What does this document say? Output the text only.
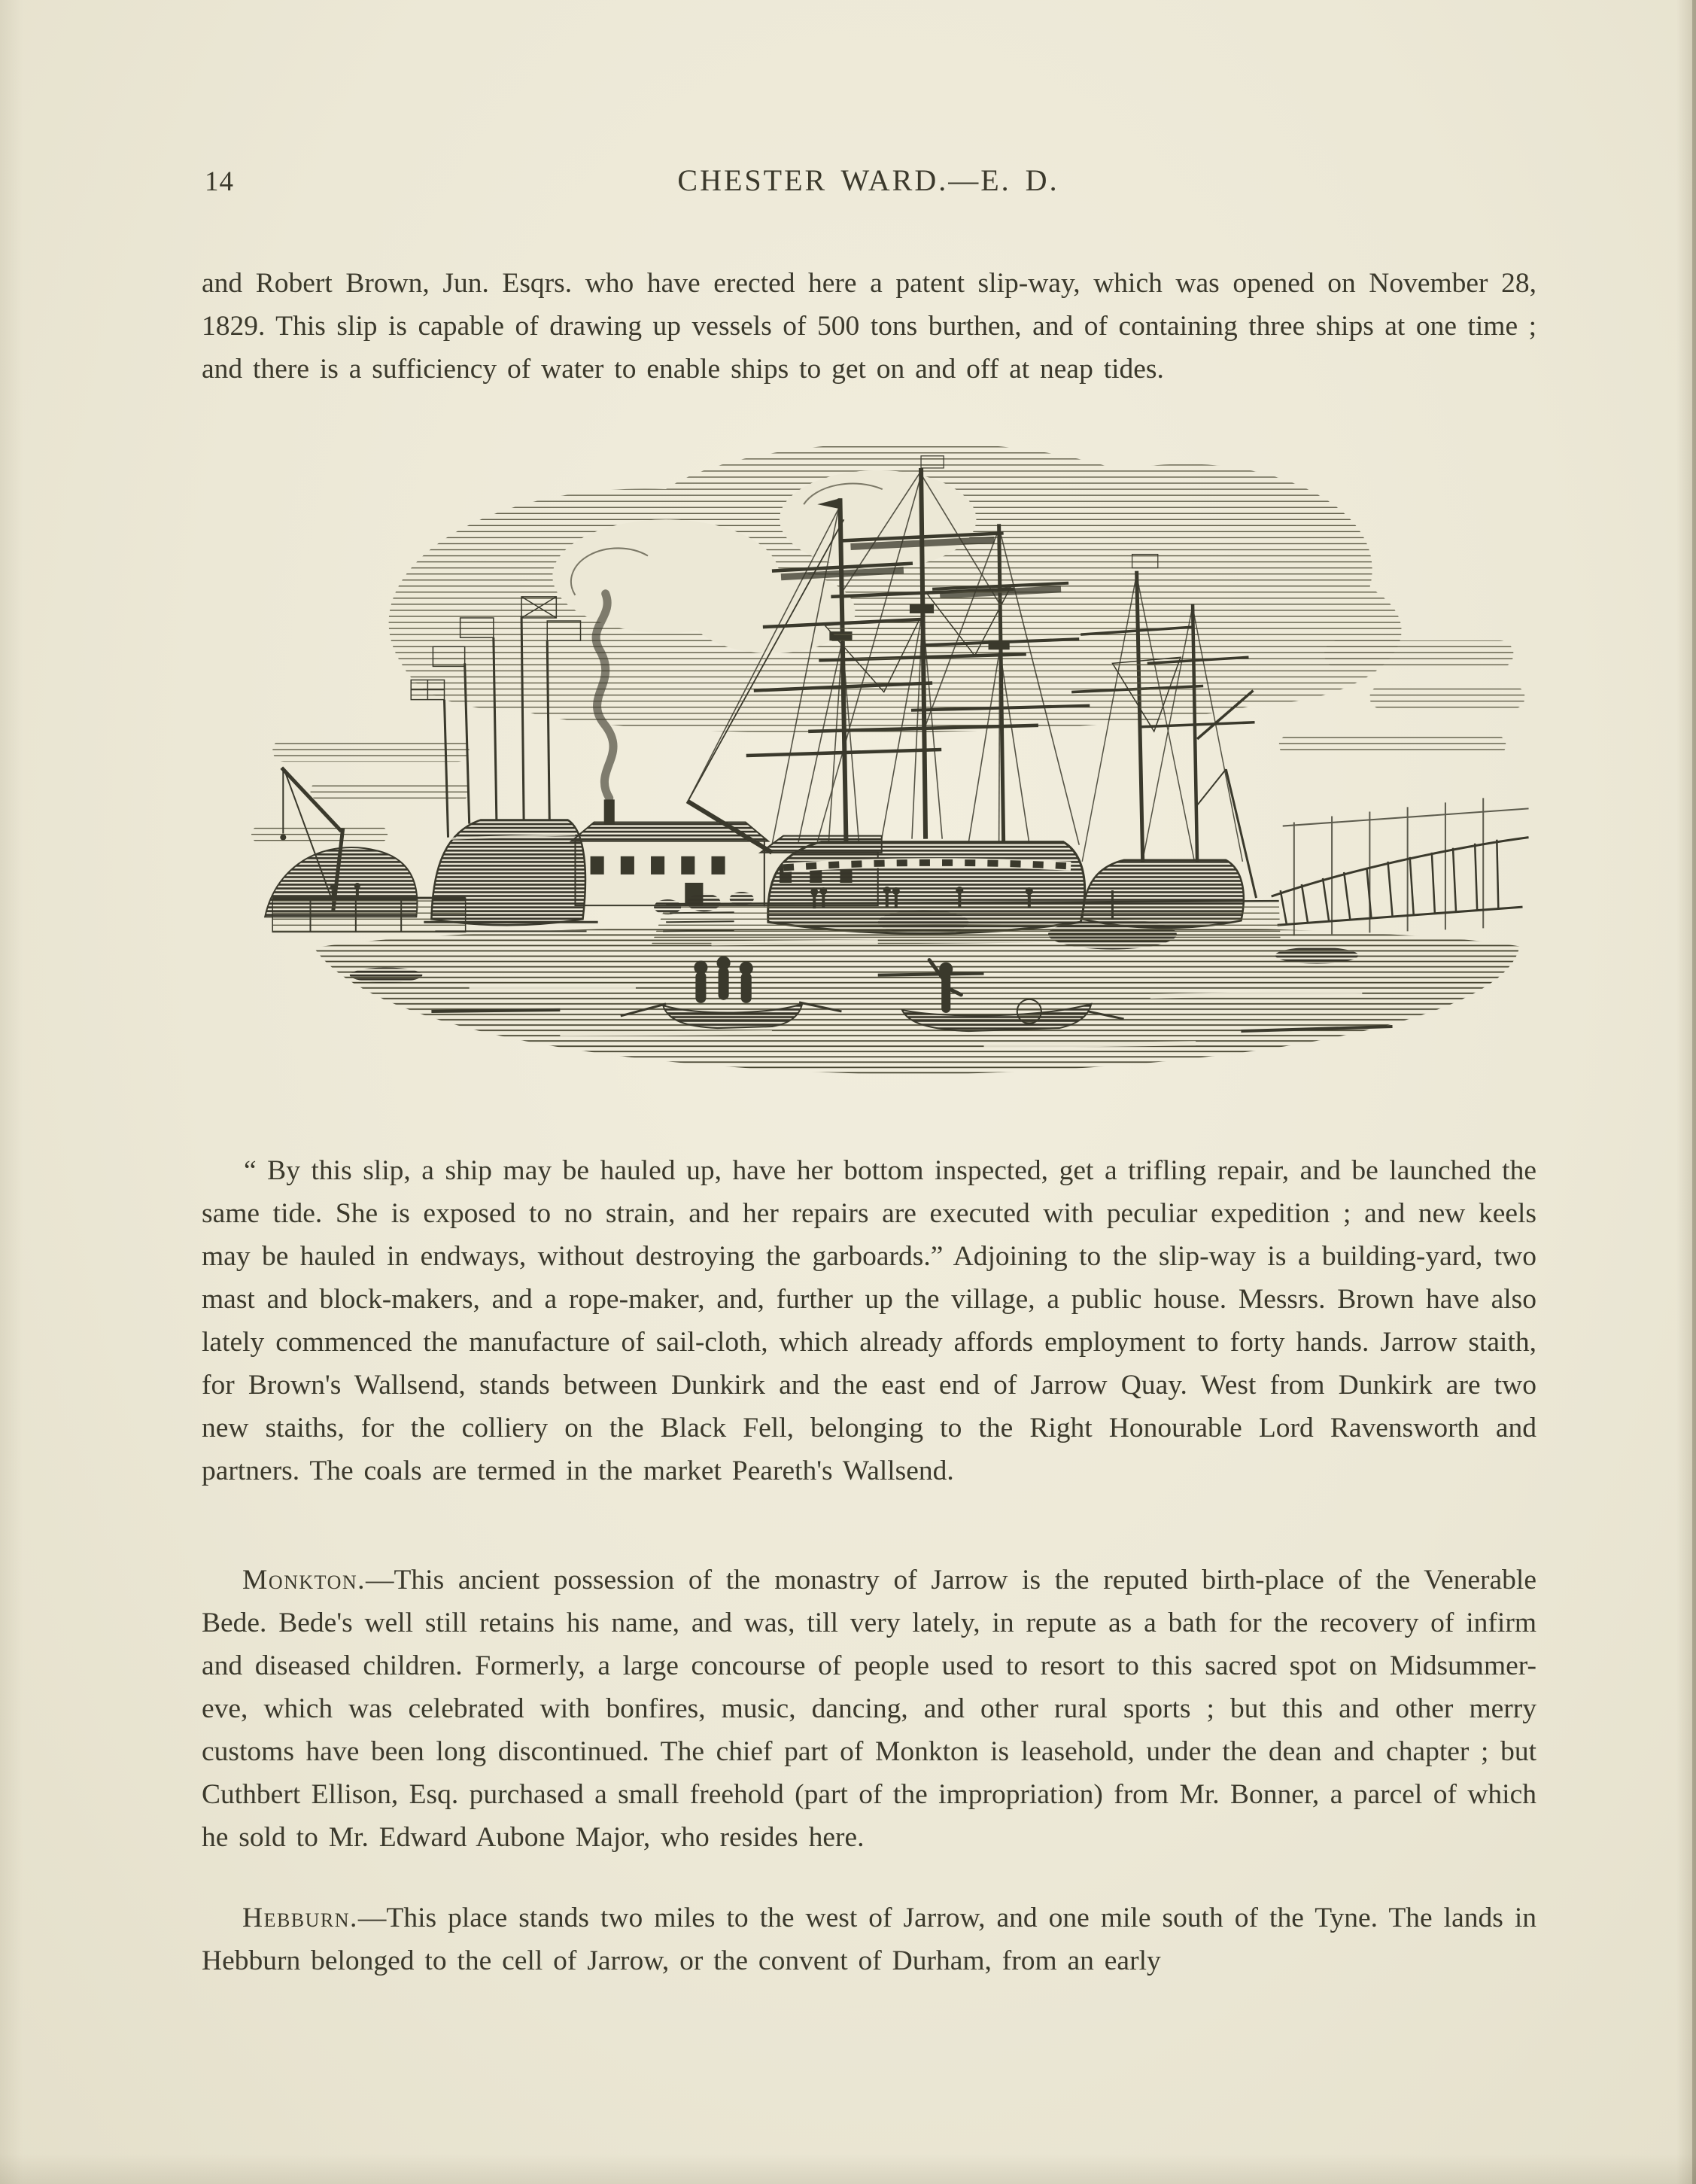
14	CHESTER WARD.—E. D.

and Robert Brown, Jun. Esqrs. who have erected here a patent slip-way, which was opened on November 28, 1829. This slip is capable of drawing up vessels of 500 tons burthen, and of containing three ships at one time ; and there is a sufficiency of water to enable ships to get on and off at neap tides.

“ By this slip, a ship may be hauled up, have her bottom inspected, get a trifling repair, and be launched the same tide. She is exposed to no strain, and her repairs are executed with peculiar expedition ; and new keels may be hauled in endways, without destroying the garboards.” Adjoining to the slip-way is a building-yard, two mast and block-makers, and a rope-maker, and, further up the village, a public house. Messrs. Brown have also lately commenced the manufacture of sail-cloth, which already affords employment to forty hands. Jarrow staith, for Brown's Wallsend, stands between Dunkirk and the east end of Jarrow Quay. West from Dunkirk are two new staiths, for the colliery on the Black Fell, belonging to the Right Honourable Lord Ravensworth and partners. The coals are termed in the market Peareth's Wallsend.

Monkton.—This ancient possession of the monastry of Jarrow is the reputed birth-place of the Venerable Bede. Bede's well still retains his name, and was, till very lately, in repute as a bath for the recovery of infirm and diseased children. Formerly, a large concourse of people used to resort to this sacred spot on Midsummer-eve, which was celebrated with bonfires, music, dancing, and other rural sports ; but this and other merry customs have been long discontinued. The chief part of Monkton is leasehold, under the dean and chapter ; but Cuthbert Ellison, Esq. purchased a small freehold (part of the impropriation) from Mr. Bonner, a parcel of which he sold to Mr. Edward Aubone Major, who resides here.

Hebburn.—This place stands two miles to the west of Jarrow, and one mile south of the Tyne. The lands in Hebburn belonged to the cell of Jarrow, or the convent of Durham, from an early
